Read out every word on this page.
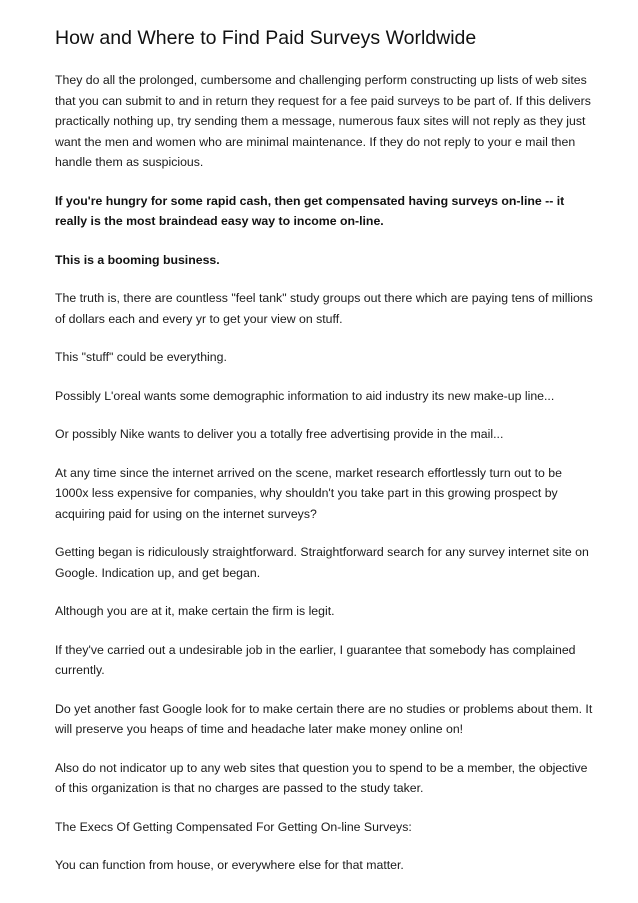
How and Where to Find Paid Surveys Worldwide

They do all the prolonged, cumbersome and challenging perform constructing up lists of web sites that you can submit to and in return they request for a fee paid surveys to be part of. If this delivers practically nothing up, try sending them a message, numerous faux sites will not reply as they just want the men and women who are minimal maintenance. If they do not reply to your e mail then handle them as suspicious.

If you're hungry for some rapid cash, then get compensated having surveys on-line -- it really is the most braindead easy way to income on-line.

This is a booming business.

The truth is, there are countless "feel tank" study groups out there which are paying tens of millions of dollars each and every yr to get your view on stuff.

This "stuff" could be everything.

Possibly L'oreal wants some demographic information to aid industry its new make-up line...

Or possibly Nike wants to deliver you a totally free advertising provide in the mail...

At any time since the internet arrived on the scene, market research effortlessly turn out to be 1000x less expensive for companies, why shouldn't you take part in this growing prospect by acquiring paid for using on the internet surveys?

Getting began is ridiculously straightforward. Straightforward search for any survey internet site on Google. Indication up, and get began.

Although you are at it, make certain the firm is legit.

If they've carried out a undesirable job in the earlier, I guarantee that somebody has complained currently.

Do yet another fast Google look for to make certain there are no studies or problems about them. It will preserve you heaps of time and headache later make money online on!

Also do not indicator up to any web sites that question you to spend to be a member, the objective of this organization is that no charges are passed to the study taker.

The Execs Of Getting Compensated For Getting On-line Surveys:

You can function from house, or everywhere else for that matter.
